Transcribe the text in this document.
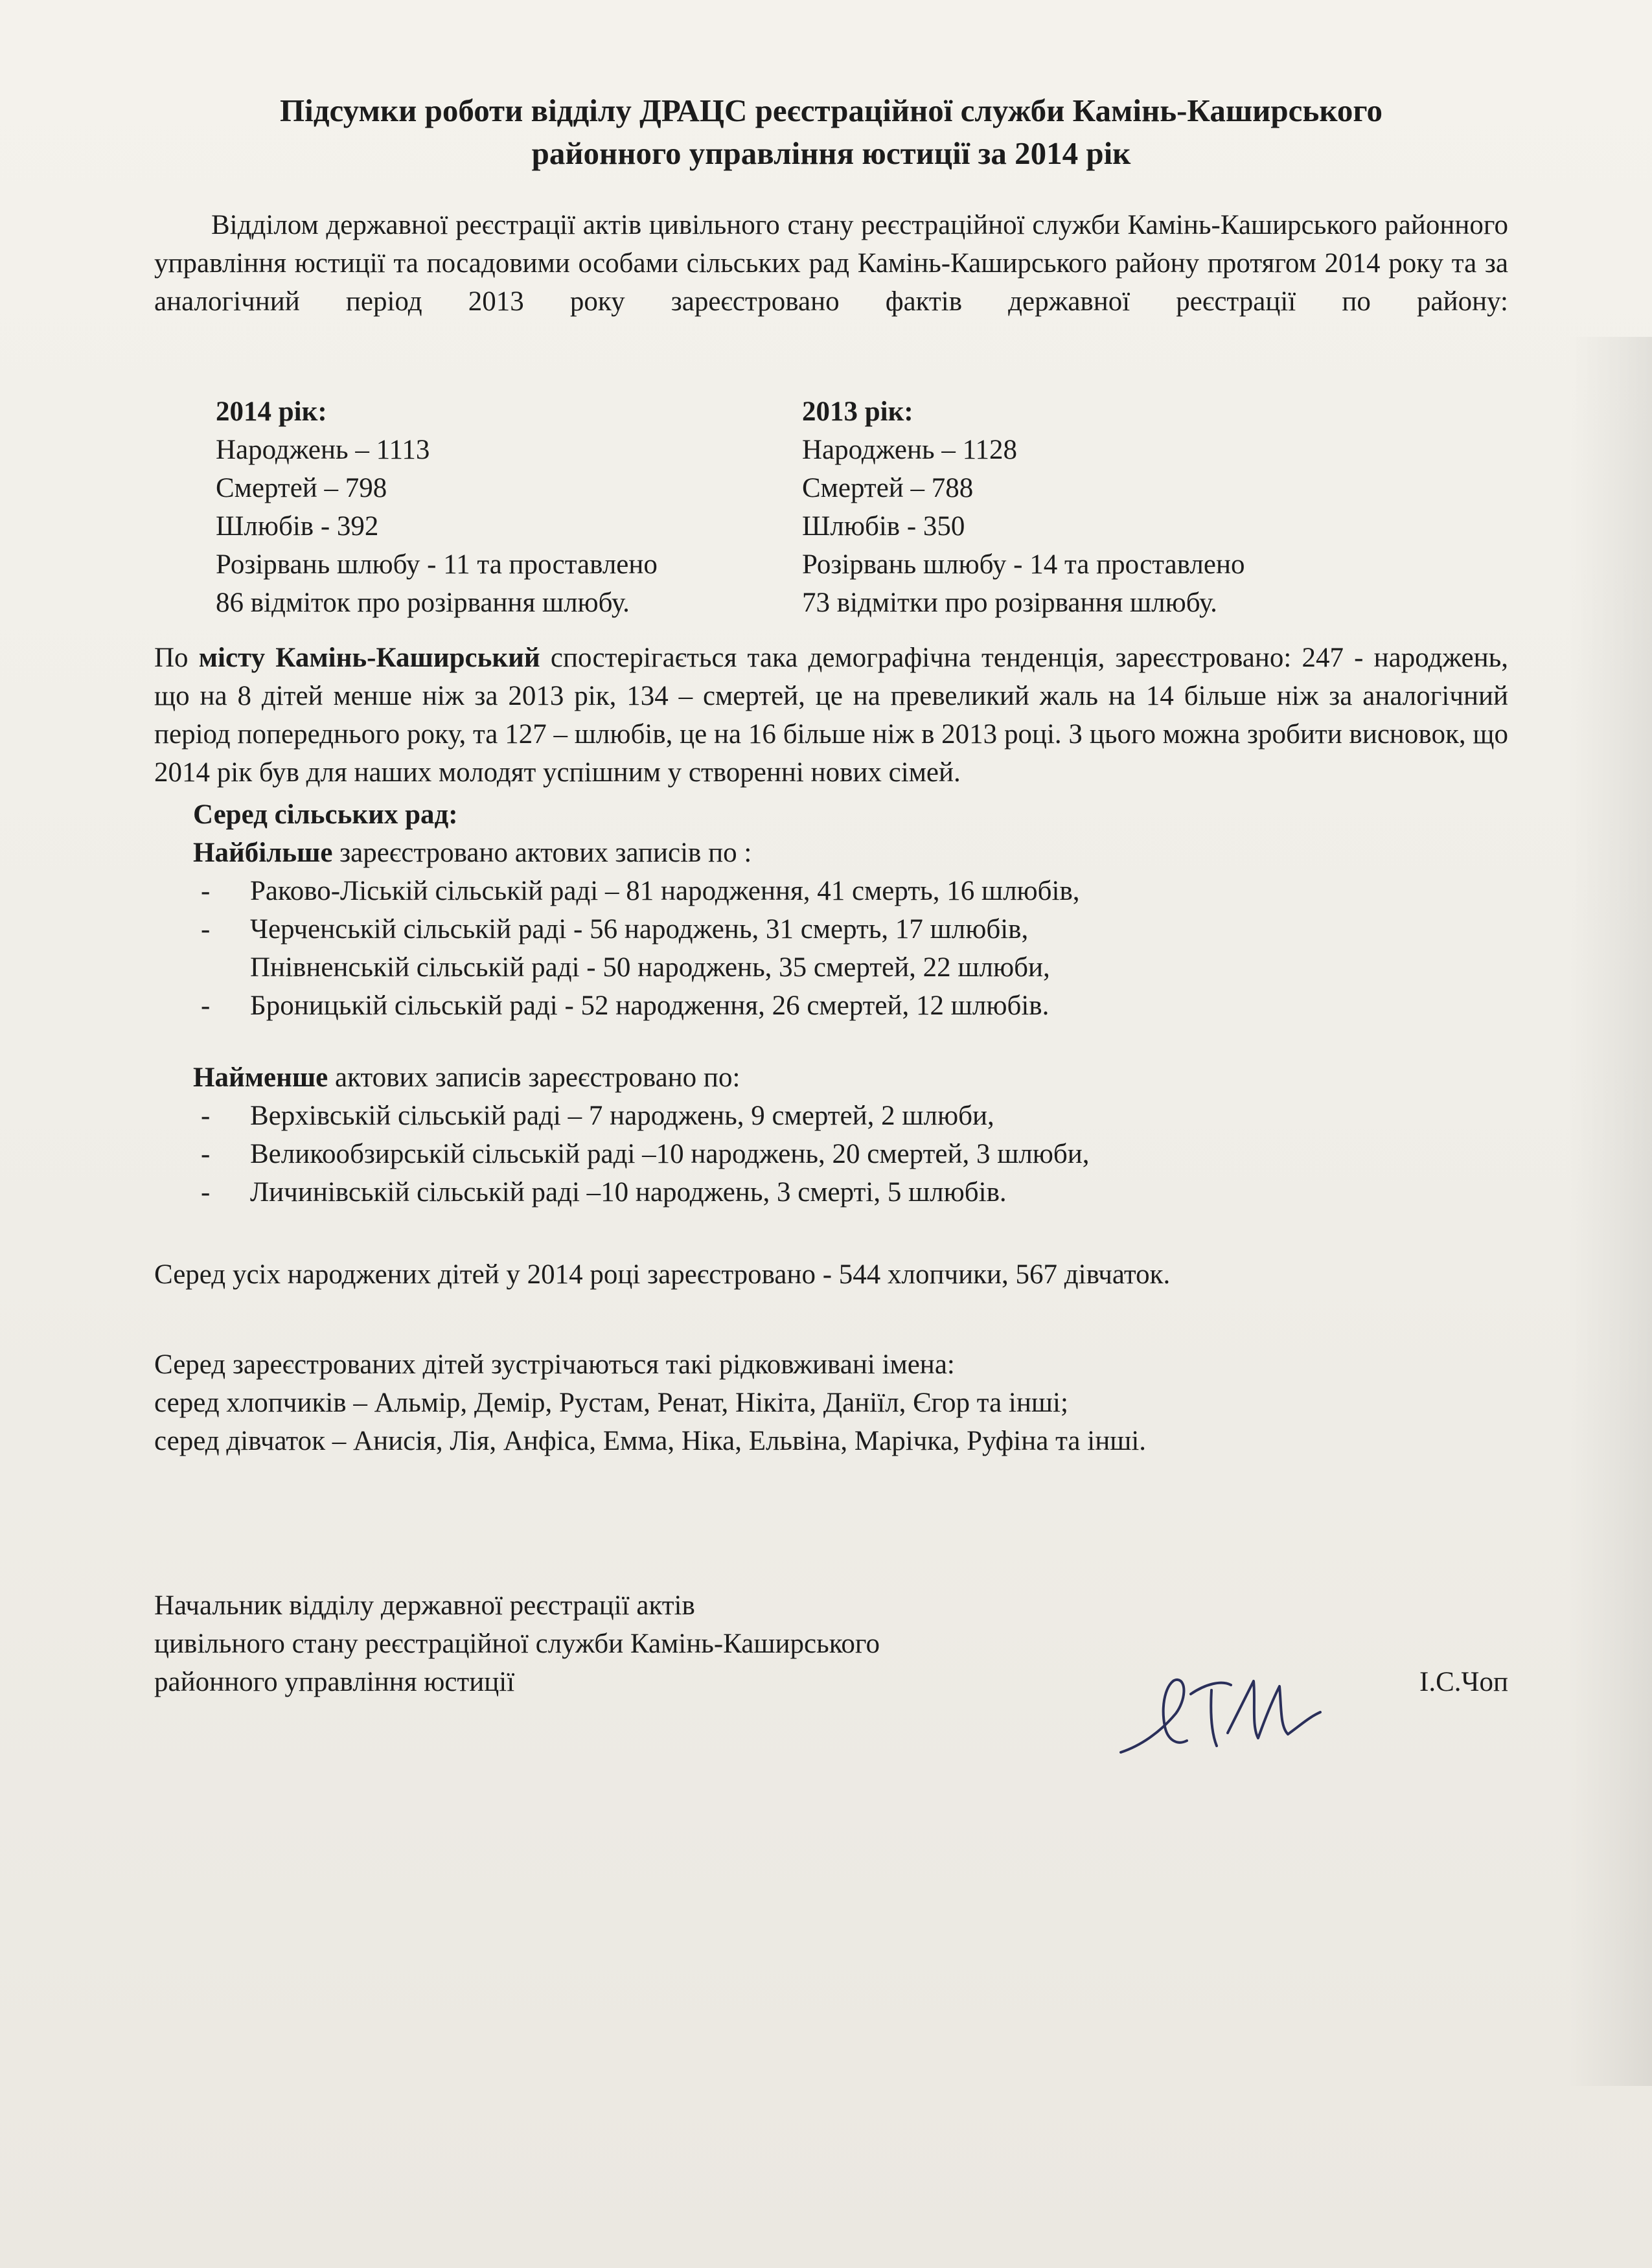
Підсумки роботи відділу ДРАЦС реєстраційної служби Камінь-Каширського
районного управління юстиції за 2014 рік

Відділом державної реєстрації актів цивільного стану реєстраційної служби Камінь-Каширського районного управління юстиції та посадовими особами сільських рад Камінь-Каширського району протягом 2014 року та за аналогічний період 2013 року зареєстровано фактів державної реєстрації по району:

2014 рік:
Народжень – 1113
Смертей – 798
Шлюбів - 392
Розірвань шлюбу - 11 та проставлено
86 відміток про розірвання шлюбу.
2013 рік:
Народжень – 1128
Смертей – 788
Шлюбів - 350
Розірвань шлюбу - 14 та проставлено
73 відмітки про розірвання шлюбу.

По місту Камінь-Каширський спостерігається така демографічна тенденція, зареєстровано: 247 - народжень, що на 8 дітей менше ніж за 2013 рік, 134 – смертей, це на превеликий жаль на 14 більше ніж за аналогічний період попереднього року, та 127 – шлюбів, це на 16 більше ніж в 2013 році. З цього можна зробити висновок, що 2014 рік був для наших молодят успішним у створенні нових сімей.

Серед сільських рад:
Найбільше зареєстровано актових записів по :
- Раково-Ліській сільській раді – 81 народження, 41 смерть, 16 шлюбів,
- Черченській сільській раді - 56 народжень, 31 смерть, 17 шлюбів,
Пнівненській сільській раді - 50 народжень, 35 смертей, 22 шлюби,
- Броницькій сільській раді - 52 народження, 26 смертей, 12 шлюбів.
Найменше актових записів зареєстровано по:
- Верхівській сільській раді – 7 народжень, 9 смертей, 2 шлюби,
- Великообзирській сільській раді –10 народжень, 20 смертей, 3 шлюби,
- Личинівській сільській раді –10 народжень, 3 смерті, 5 шлюбів.

Серед усіх народжених дітей у 2014 році зареєстровано - 544 хлопчики, 567 дівчаток.

Серед зареєстрованих дітей зустрічаються такі рідковживані імена:
серед хлопчиків – Альмір, Демір, Рустам, Ренат, Нікіта, Даніїл, Єгор та інші;
серед дівчаток – Анисія, Лія, Анфіса, Емма, Ніка, Ельвіна, Марічка, Руфіна та інші.
Начальник відділу державної реєстрації актів
цивільного стану реєстраційної служби Камінь-Каширського
районного управління юстиції	І.С.Чоп
